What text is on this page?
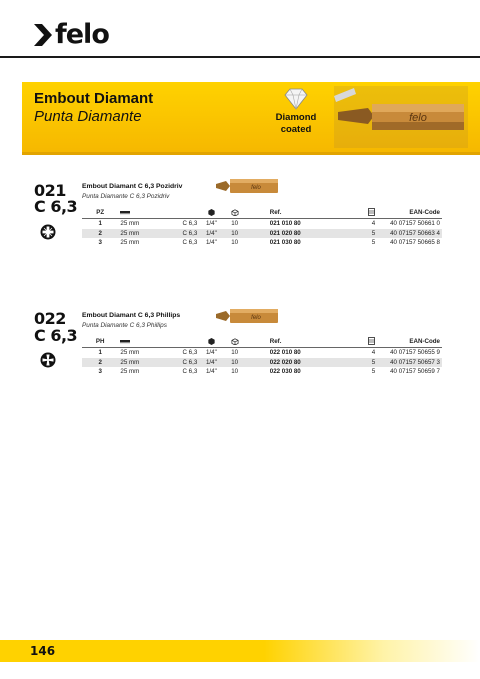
felo
Embout Diamant
Punta Diamante	Diamond
coated
felo
021
C 6,3
Embout Diamant C 6,3 Pozidriv
Punta Diamante C 6,3 Pozidriv
felo
PZ					Ref.		EAN-Code
1	25 mm	C 6,3	1/4"	10	021 010 80	4	40 07157 50661 0
2	25 mm	C 6,3	1/4"	10	021 020 80	5	40 07157 50663 4
3	25 mm	C 6,3	1/4"	10	021 030 80	5	40 07157 50665 8
022
C 6,3
Embout Diamant C 6,3 Phillips
Punta Diamante C 6,3 Phillips
felo
PH					Ref.		EAN-Code
1	25 mm	C 6,3	1/4"	10	022 010 80	4	40 07157 50655 9
2	25 mm	C 6,3	1/4"	10	022 020 80	5	40 07157 50657 3
3	25 mm	C 6,3	1/4"	10	022 030 80	5	40 07157 50659 7
146
